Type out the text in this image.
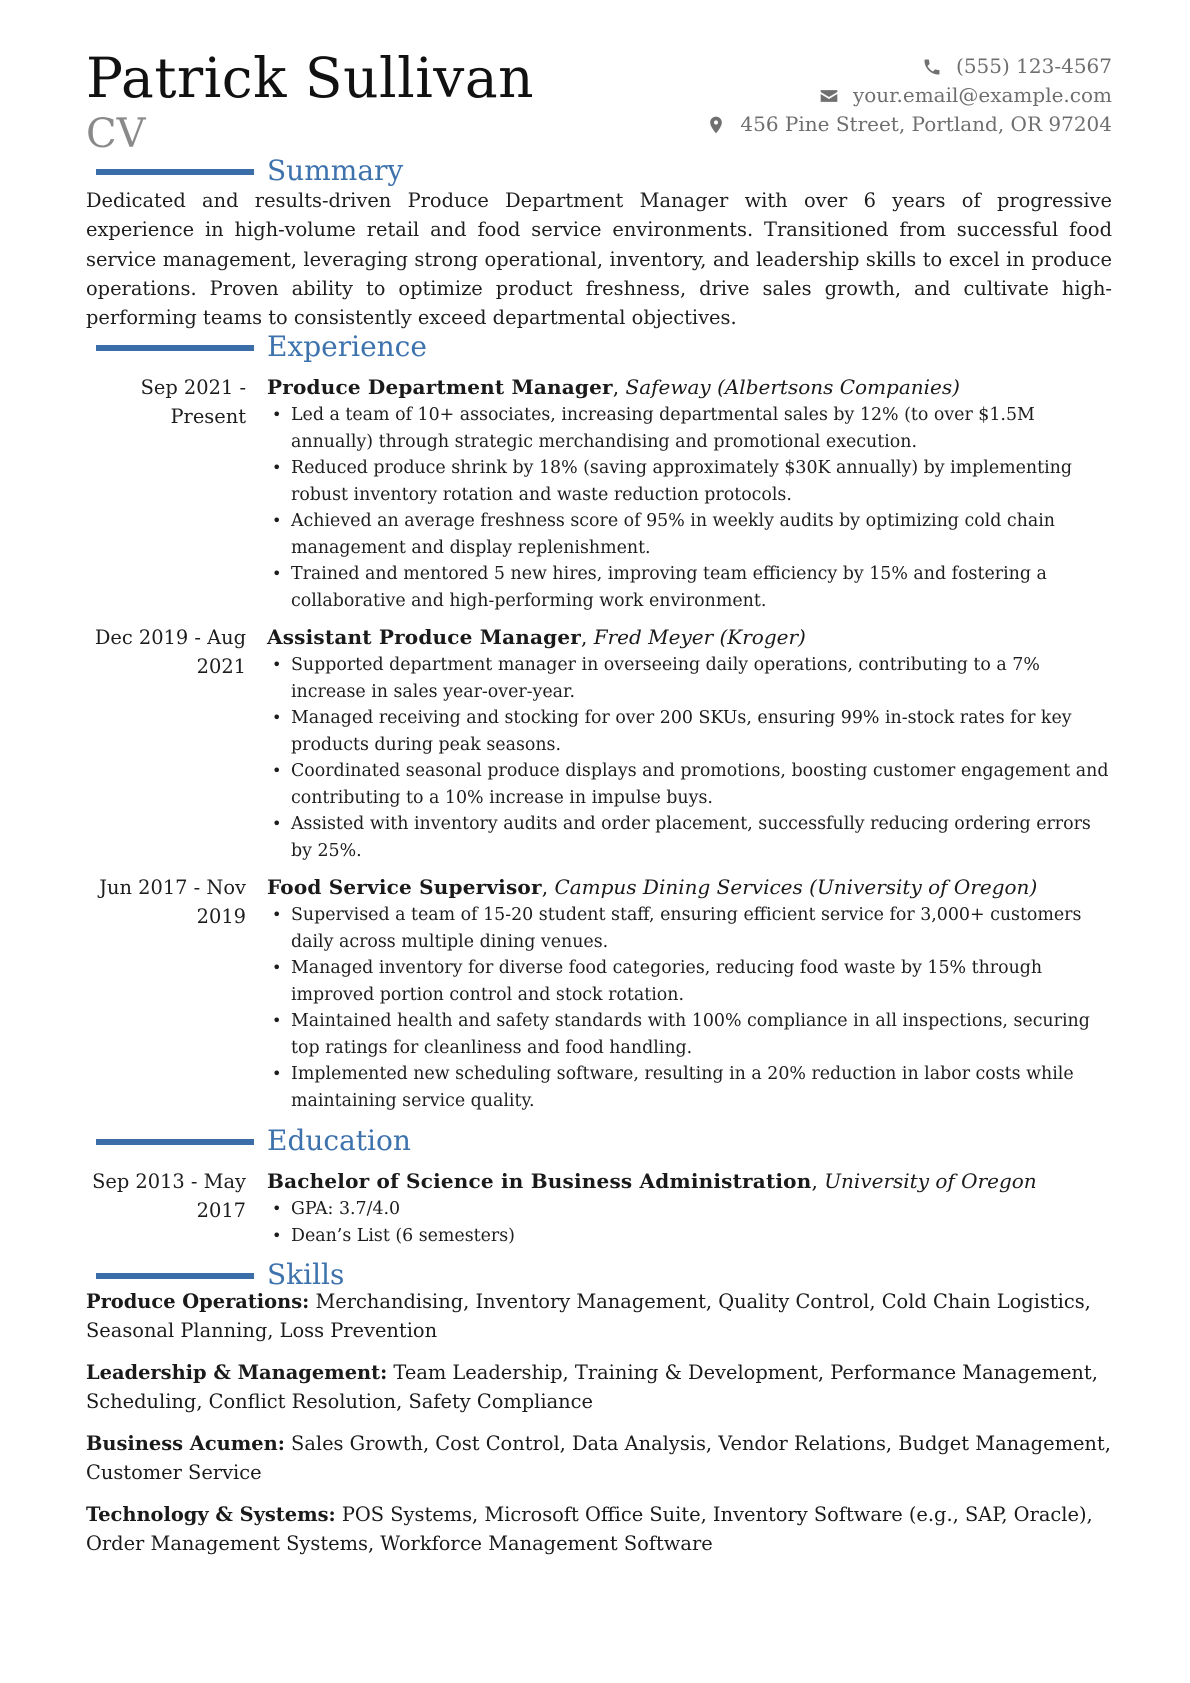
Patrick Sullivan
CV
(555) 123-4567
your.email@example.com
456 Pine Street, Portland, OR 97204
Summary
Dedicated and results-driven Produce Department Manager with over 6 years of progressive experience in high-volume retail and food service environments. Transitioned from successful food service management, leveraging strong operational, inventory, and leadership skills to excel in produce operations. Proven ability to optimize product freshness, drive sales growth, and cultivate high-performing teams to consistently exceed departmental objectives.
Experience
Sep 2021 - Present
Produce Department Manager, Safeway (Albertsons Companies)
• Led a team of 10+ associates, increasing departmental sales by 12% (to over $1.5M annually) through strategic merchandising and promotional execution.
• Reduced produce shrink by 18% (saving approximately $30K annually) by implementing robust inventory rotation and waste reduction protocols.
• Achieved an average freshness score of 95% in weekly audits by optimizing cold chain management and display replenishment.
• Trained and mentored 5 new hires, improving team efficiency by 15% and fostering a collaborative and high-performing work environment.
Dec 2019 - Aug 2021
Assistant Produce Manager, Fred Meyer (Kroger)
• Supported department manager in overseeing daily operations, contributing to a 7% increase in sales year-over-year.
• Managed receiving and stocking for over 200 SKUs, ensuring 99% in-stock rates for key products during peak seasons.
• Coordinated seasonal produce displays and promotions, boosting customer engagement and contributing to a 10% increase in impulse buys.
• Assisted with inventory audits and order placement, successfully reducing ordering errors by 25%.
Jun 2017 - Nov 2019
Food Service Supervisor, Campus Dining Services (University of Oregon)
• Supervised a team of 15-20 student staff, ensuring efficient service for 3,000+ customers daily across multiple dining venues.
• Managed inventory for diverse food categories, reducing food waste by 15% through improved portion control and stock rotation.
• Maintained health and safety standards with 100% compliance in all inspections, securing top ratings for cleanliness and food handling.
• Implemented new scheduling software, resulting in a 20% reduction in labor costs while maintaining service quality.
Education
Sep 2013 - May 2017
Bachelor of Science in Business Administration, University of Oregon
• GPA: 3.7/4.0
• Dean’s List (6 semesters)
Skills
Produce Operations: Merchandising, Inventory Management, Quality Control, Cold Chain Logistics, Seasonal Planning, Loss Prevention
Leadership & Management: Team Leadership, Training & Development, Performance Management, Scheduling, Conflict Resolution, Safety Compliance
Business Acumen: Sales Growth, Cost Control, Data Analysis, Vendor Relations, Budget Management, Customer Service
Technology & Systems: POS Systems, Microsoft Office Suite, Inventory Software (e.g., SAP, Oracle), Order Management Systems, Workforce Management Software
